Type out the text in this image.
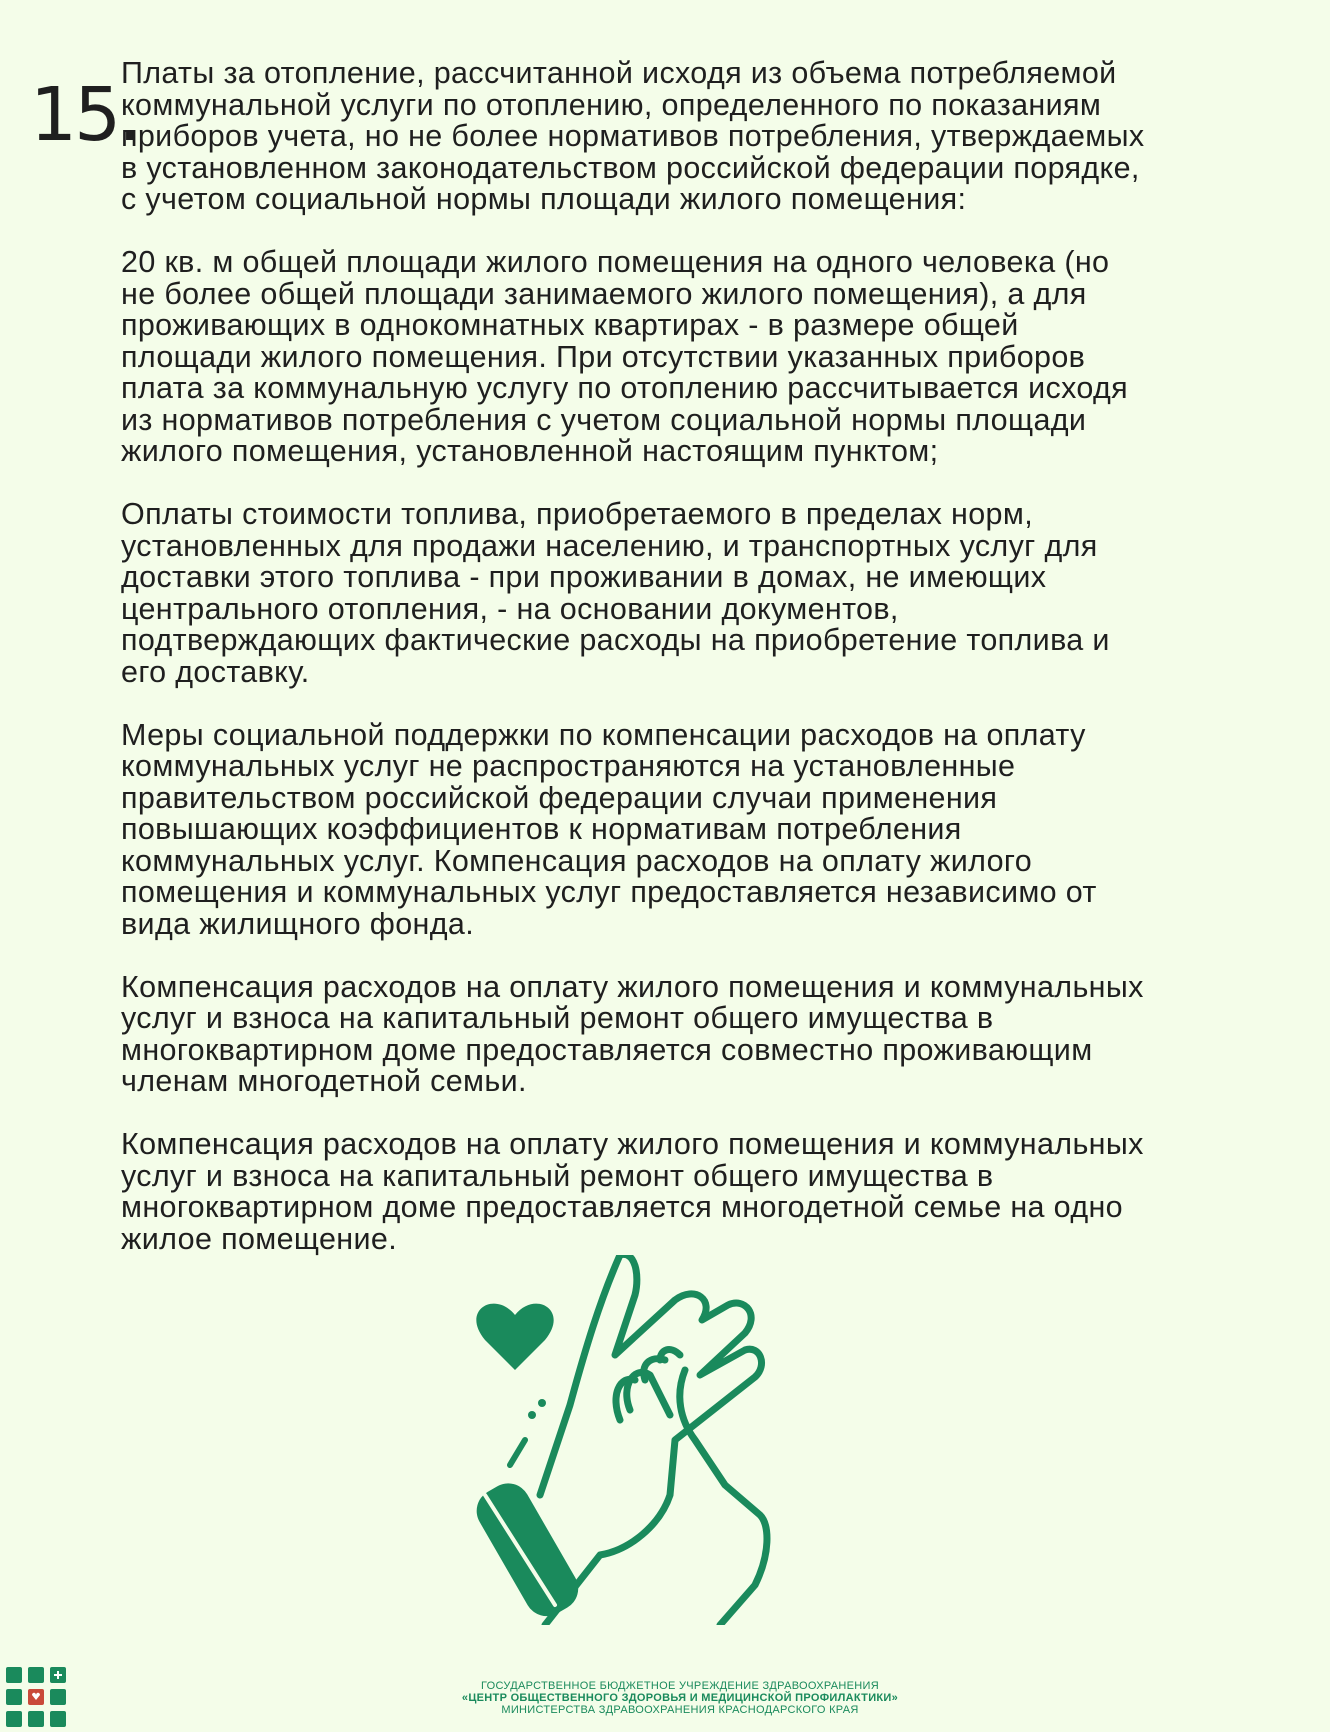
15.

Платы за отопление, рассчитанной исходя из объема потребляемой
коммунальной услуги по отоплению, определенного по показаниям
приборов учета, но не более нормативов потребления, утверждаемых
в установленном законодательством российской федерации порядке,
с учетом социальной нормы площади жилого помещения:

20 кв. м общей площади жилого помещения на одного человека (но
не более общей площади занимаемого жилого помещения), а для
проживающих в однокомнатных квартирах - в размере общей
площади жилого помещения. При отсутствии указанных приборов
плата за коммунальную услугу по отоплению рассчитывается исходя
из нормативов потребления с учетом социальной нормы площади
жилого помещения, установленной настоящим пунктом;

Оплаты стоимости топлива, приобретаемого в пределах норм,
установленных для продажи населению, и транспортных услуг для
доставки этого топлива - при проживании в домах, не имеющих
центрального отопления, - на основании документов,
подтверждающих фактические расходы на приобретение топлива и
его доставку.

Меры социальной поддержки по компенсации расходов на оплату
коммунальных услуг не распространяются на установленные
правительством российской федерации случаи применения
повышающих коэффициентов к нормативам потребления
коммунальных услуг. Компенсация расходов на оплату жилого
помещения и коммунальных услуг предоставляется независимо от
вида жилищного фонда.

Компенсация расходов на оплату жилого помещения и коммунальных
услуг и взноса на капитальный ремонт общего имущества в
многоквартирном доме предоставляется совместно проживающим
членам многодетной семьи.

Компенсация расходов на оплату жилого помещения и коммунальных
услуг и взноса на капитальный ремонт общего имущества в
многоквартирном доме предоставляется многодетной семье на одно
жилое помещение.

ГОСУДАРСТВЕННОЕ БЮДЖЕТНОЕ УЧРЕЖДЕНИЕ ЗДРАВООХРАНЕНИЯ
«ЦЕНТР ОБЩЕСТВЕННОГО ЗДОРОВЬЯ И МЕДИЦИНСКОЙ ПРОФИЛАКТИКИ»
МИНИСТЕРСТВА ЗДРАВООХРАНЕНИЯ КРАСНОДАРСКОГО КРАЯ
